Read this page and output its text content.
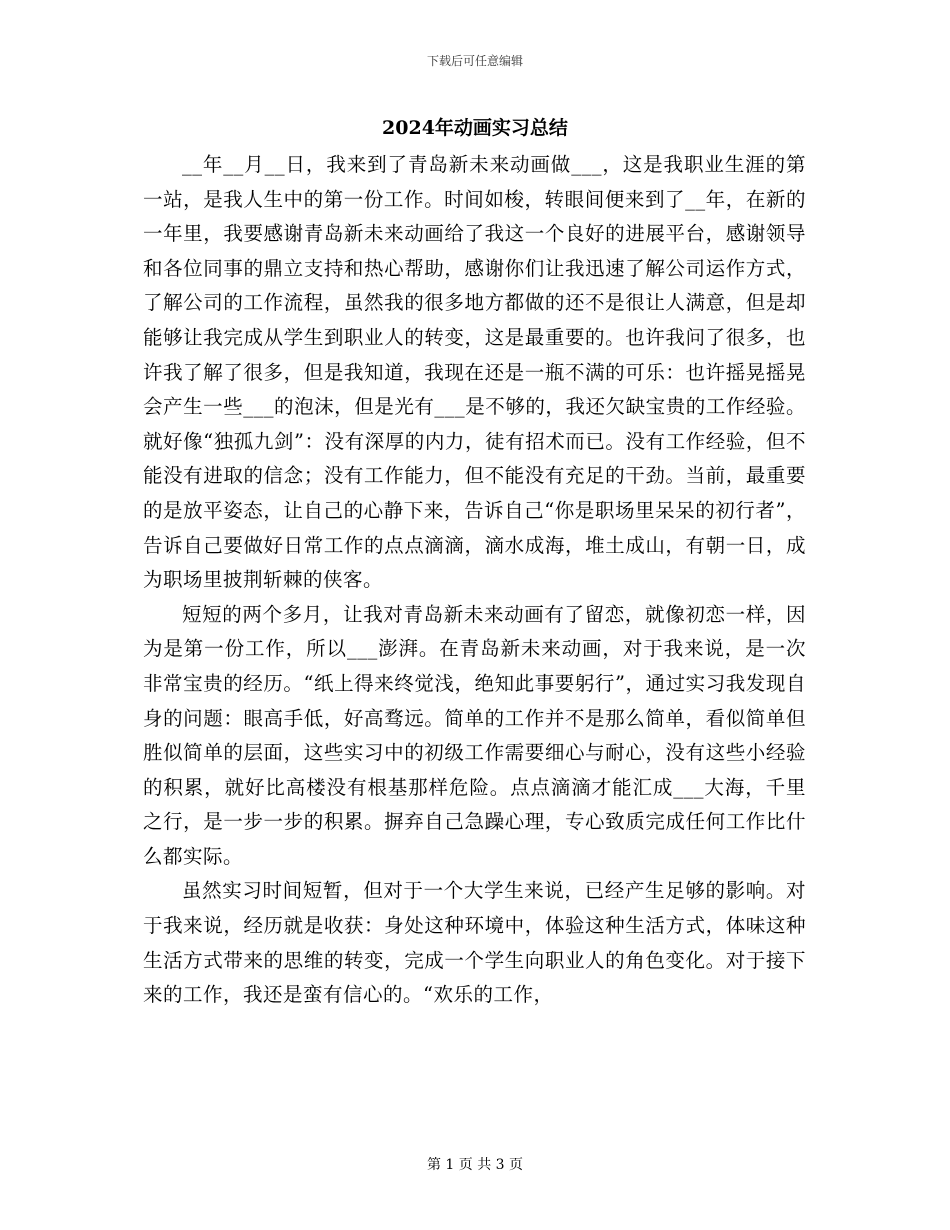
下载后可任意编辑
2024年动画实习总结

__年__月__日，我来到了青岛新未来动画做___，这是我职业生涯的第一站，是我人生中的第一份工作。时间如梭，转眼间便来到了__年，在新的一年里，我要感谢青岛新未来动画给了我这一个良好的进展平台，感谢领导和各位同事的鼎立支持和热心帮助，感谢你们让我迅速了解公司运作方式，了解公司的工作流程，虽然我的很多地方都做的还不是很让人满意，但是却能够让我完成从学生到职业人的转变，这是最重要的。也许我问了很多，也许我了解了很多，但是我知道，我现在还是一瓶不满的可乐：也许摇晃摇晃会产生一些___的泡沫，但是光有___是不够的，我还欠缺宝贵的工作经验。就好像“独孤九剑”：没有深厚的内力，徒有招术而已。没有工作经验，但不能没有进取的信念；没有工作能力，但不能没有充足的干劲。当前，最重要的是放平姿态，让自己的心静下来，告诉自己“你是职场里呆呆的初行者”，告诉自己要做好日常工作的点点滴滴，滴水成海，堆土成山，有朝一日，成为职场里披荆斩棘的侠客。

短短的两个多月，让我对青岛新未来动画有了留恋，就像初恋一样，因为是第一份工作，所以___澎湃。在青岛新未来动画，对于我来说，是一次非常宝贵的经历。“纸上得来终觉浅，绝知此事要躬行”，通过实习我发现自身的问题：眼高手低，好高骛远。简单的工作并不是那么简单，看似简单但胜似简单的层面，这些实习中的初级工作需要细心与耐心，没有这些小经验的积累，就好比高楼没有根基那样危险。点点滴滴才能汇成___大海，千里之行，是一步一步的积累。摒弃自己急躁心理，专心致质完成任何工作比什么都实际。

虽然实习时间短暂，但对于一个大学生来说，已经产生足够的影响。对于我来说，经历就是收获：身处这种环境中，体验这种生活方式，体味这种生活方式带来的思维的转变，完成一个学生向职业人的角色变化。对于接下来的工作，我还是蛮有信心的。“欢乐的工作，

第 1 页 共 3 页
